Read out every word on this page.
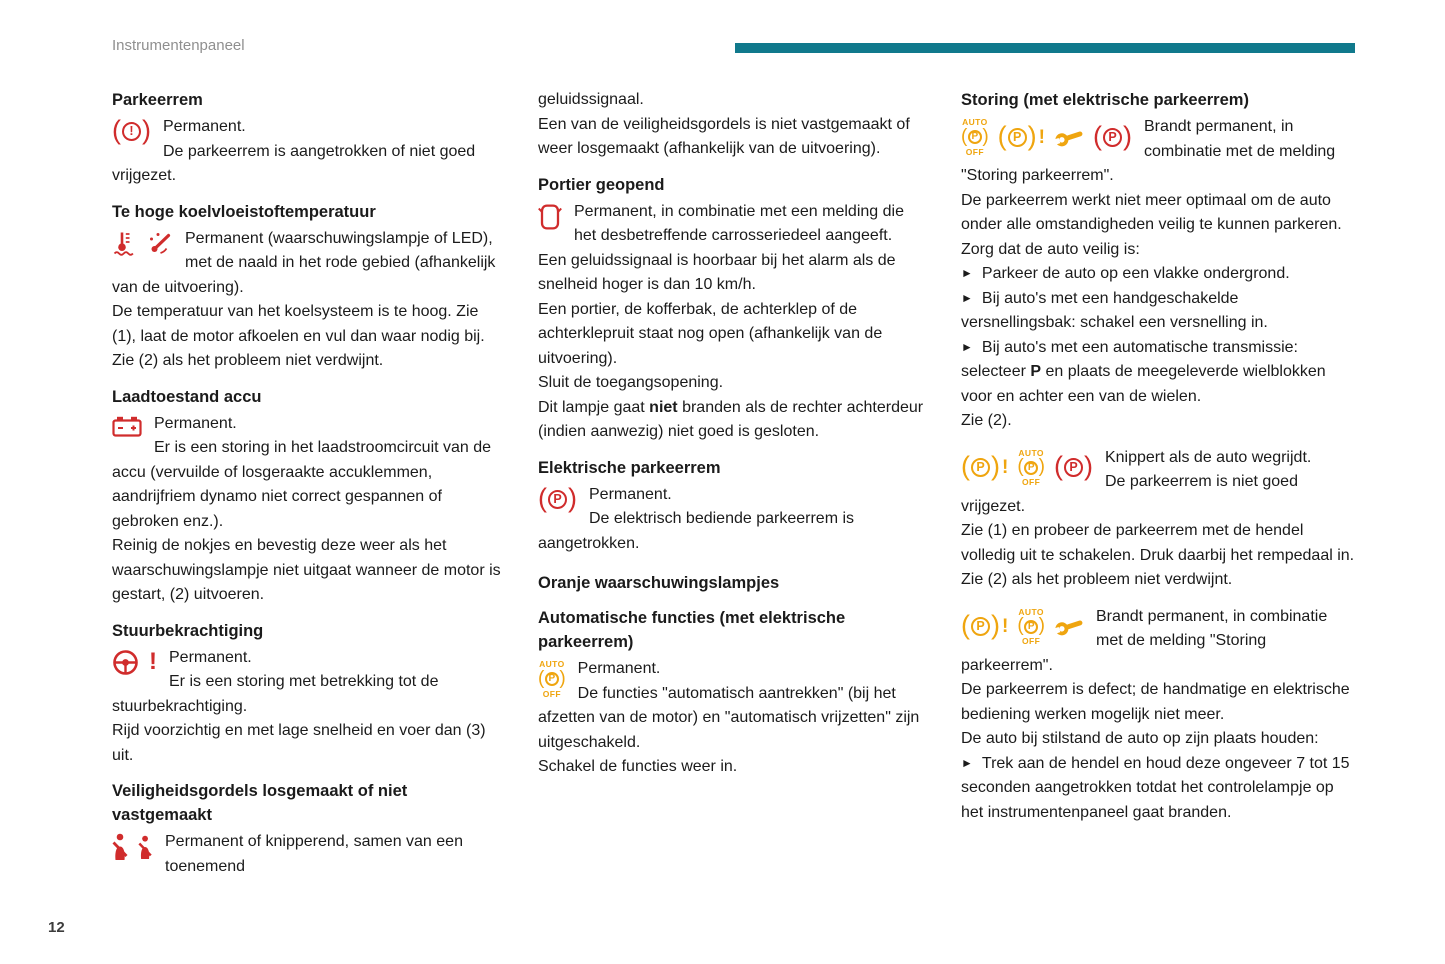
Instrumentenpaneel
Parkeerrem
( ! ) Permanent.

De parkeerrem is aangetrokken of niet goed vrijgezet.

Te hoge koelvloeistoftemperatuur

Permanent (waarschuwingslampje of LED), met de naald in het rode gebied (afhankelijk van de uitvoering).

De temperatuur van het koelsysteem is te hoog. Zie (1), laat de motor afkoelen en vul dan waar nodig bij. Zie (2) als het probleem niet verdwijnt.

Laadtoestand accu

Permanent.

Er is een storing in het laadstroomcircuit van de accu (vervuilde of losgeraakte accuklemmen, aandrijfriem dynamo niet correct gespannen of gebroken enz.).

Reinig de nokjes en bevestig deze weer als het waarschuwingslampje niet uitgaat wanneer de motor is gestart, (2) uitvoeren.

Stuurbekrachtiging
! Permanent.

Er is een storing met betrekking tot de stuurbekrachtiging.

Rijd voorzichtig en met lage snelheid en voer dan (3) uit.

Veiligheidsgordels losgemaakt of niet vastgemaakt

Permanent of knipperend, samen van een toenemend

geluidssignaal.

Een van de veiligheidsgordels is niet vastgemaakt of weer losgemaakt (afhankelijk van de uitvoering).

Portier geopend

Permanent, in combinatie met een melding die het desbetreffende carrosseriedeel aangeeft.

Een geluidssignaal is hoorbaar bij het alarm als de snelheid hoger is dan 10 km/h.

Een portier, de kofferbak, de achterklep of de achterklepruit staat nog open (afhankelijk van de uitvoering).

Sluit de toegangsopening.

Dit lampje gaat niet branden als de rechter achterdeur (indien aanwezig) niet goed is gesloten.

Elektrische parkeerrem
( P ) Permanent.

De elektrisch bediende parkeerrem is aangetrokken.

Oranje waarschuwingslampjes
Automatische functies (met elektrische parkeerrem)
AUTO
( P )
OFF

Permanent.

De functies "automatisch aantrekken" (bij het afzetten van de motor) en "automatisch vrijzetten" zijn uitgeschakeld.

Schakel de functies weer in.

Storing (met elektrische parkeerrem)
AUTO
( P )
OFF
( P ) ! ( P ) Brandt permanent, in combinatie met de melding "Storing parkeerrem".

De parkeerrem werkt niet meer optimaal om de auto onder alle omstandigheden veilig te kunnen parkeren.

Zorg dat de auto veilig is:

► Parkeer de auto op een vlakke ondergrond.

► Bij auto's met een handgeschakelde versnellingsbak: schakel een versnelling in.

► Bij auto's met een automatische transmissie: selecteer P en plaats de meegeleverde wielblokken voor en achter een van de wielen.

Zie (2).

( P ) !
AUTO
( P )
OFF
( P ) Knippert als de auto wegrijdt.

De parkeerrem is niet goed vrijgezet.

Zie (1) en probeer de parkeerrem met de hendel volledig uit te schakelen. Druk daarbij het rempedaal in.

Zie (2) als het probleem niet verdwijnt.

( P ) !
AUTO
( P )
OFF

Brandt permanent, in combinatie met de melding "Storing parkeerrem".

De parkeerrem is defect; de handmatige en elektrische bediening werken mogelijk niet meer.

De auto bij stilstand de auto op zijn plaats houden:

► Trek aan de hendel en houd deze ongeveer 7 tot 15 seconden aangetrokken totdat het controlelampje op het instrumentenpaneel gaat branden.

12
